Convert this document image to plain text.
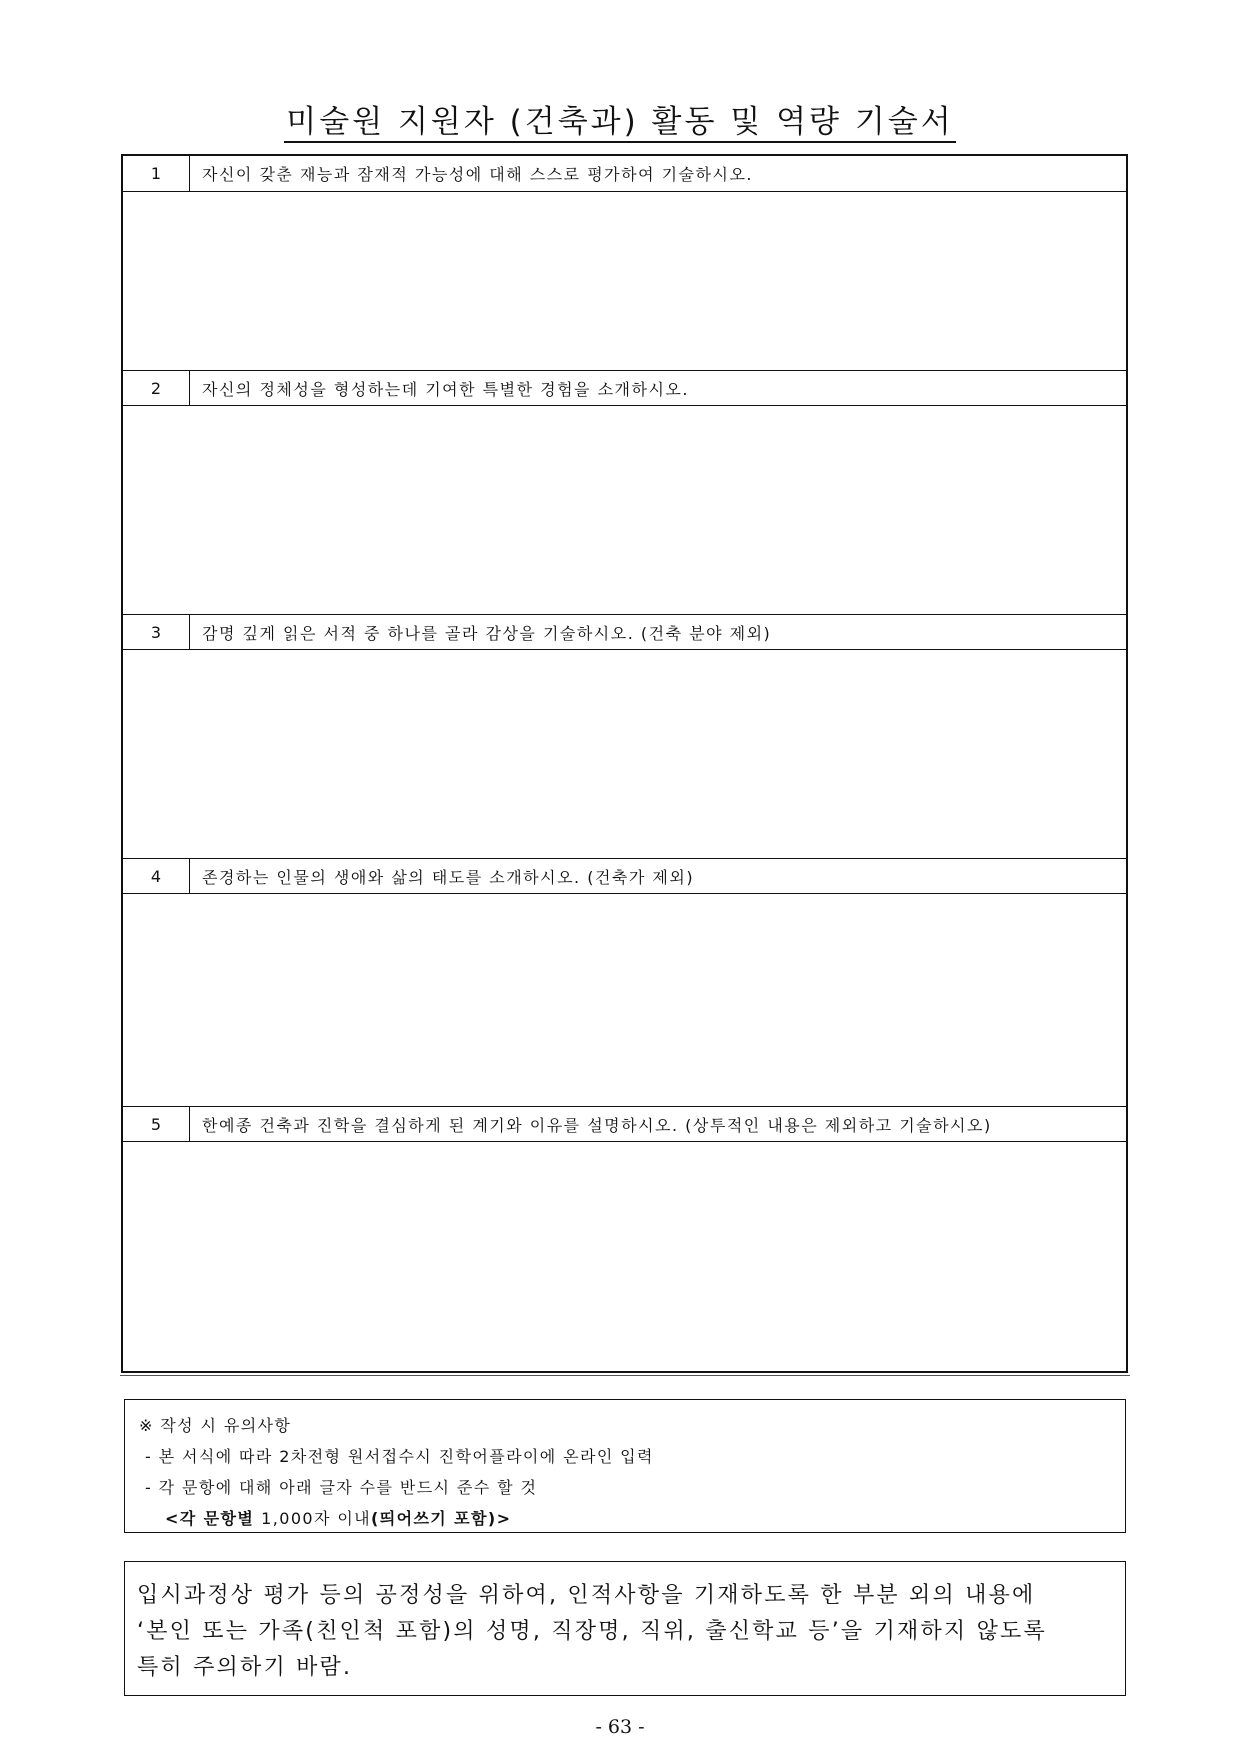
미술원 지원자 (건축과) 활동 및 역량 기술서
1	자신이 갖춘 재능과 잠재적 가능성에 대해 스스로 평가하여 기술하시오.
2	자신의 정체성을 형성하는데 기여한 특별한 경험을 소개하시오.
3	감명 깊게 읽은 서적 중 하나를 골라 감상을 기술하시오. (건축 분야 제외)
4	존경하는 인물의 생애와 삶의 태도를 소개하시오. (건축가 제외)
5	한예종 건축과 진학을 결심하게 된 계기와 이유를 설명하시오. (상투적인 내용은 제외하고 기술하시오)
※ 작성 시 유의사항
- 본 서식에 따라 2차전형 원서접수시 진학어플라이에 온라인 입력
- 각 문항에 대해 아래 글자 수를 반드시 준수 할 것
<각 문항별 1,000자 이내(띄어쓰기 포함)>
입시과정상 평가 등의 공정성을 위하여, 인적사항을 기재하도록 한 부분 외의 내용에
‘본인 또는 가족(친인척 포함)의 성명, 직장명, 직위, 출신학교 등’을 기재하지 않도록
특히 주의하기 바람.
- 63 -
